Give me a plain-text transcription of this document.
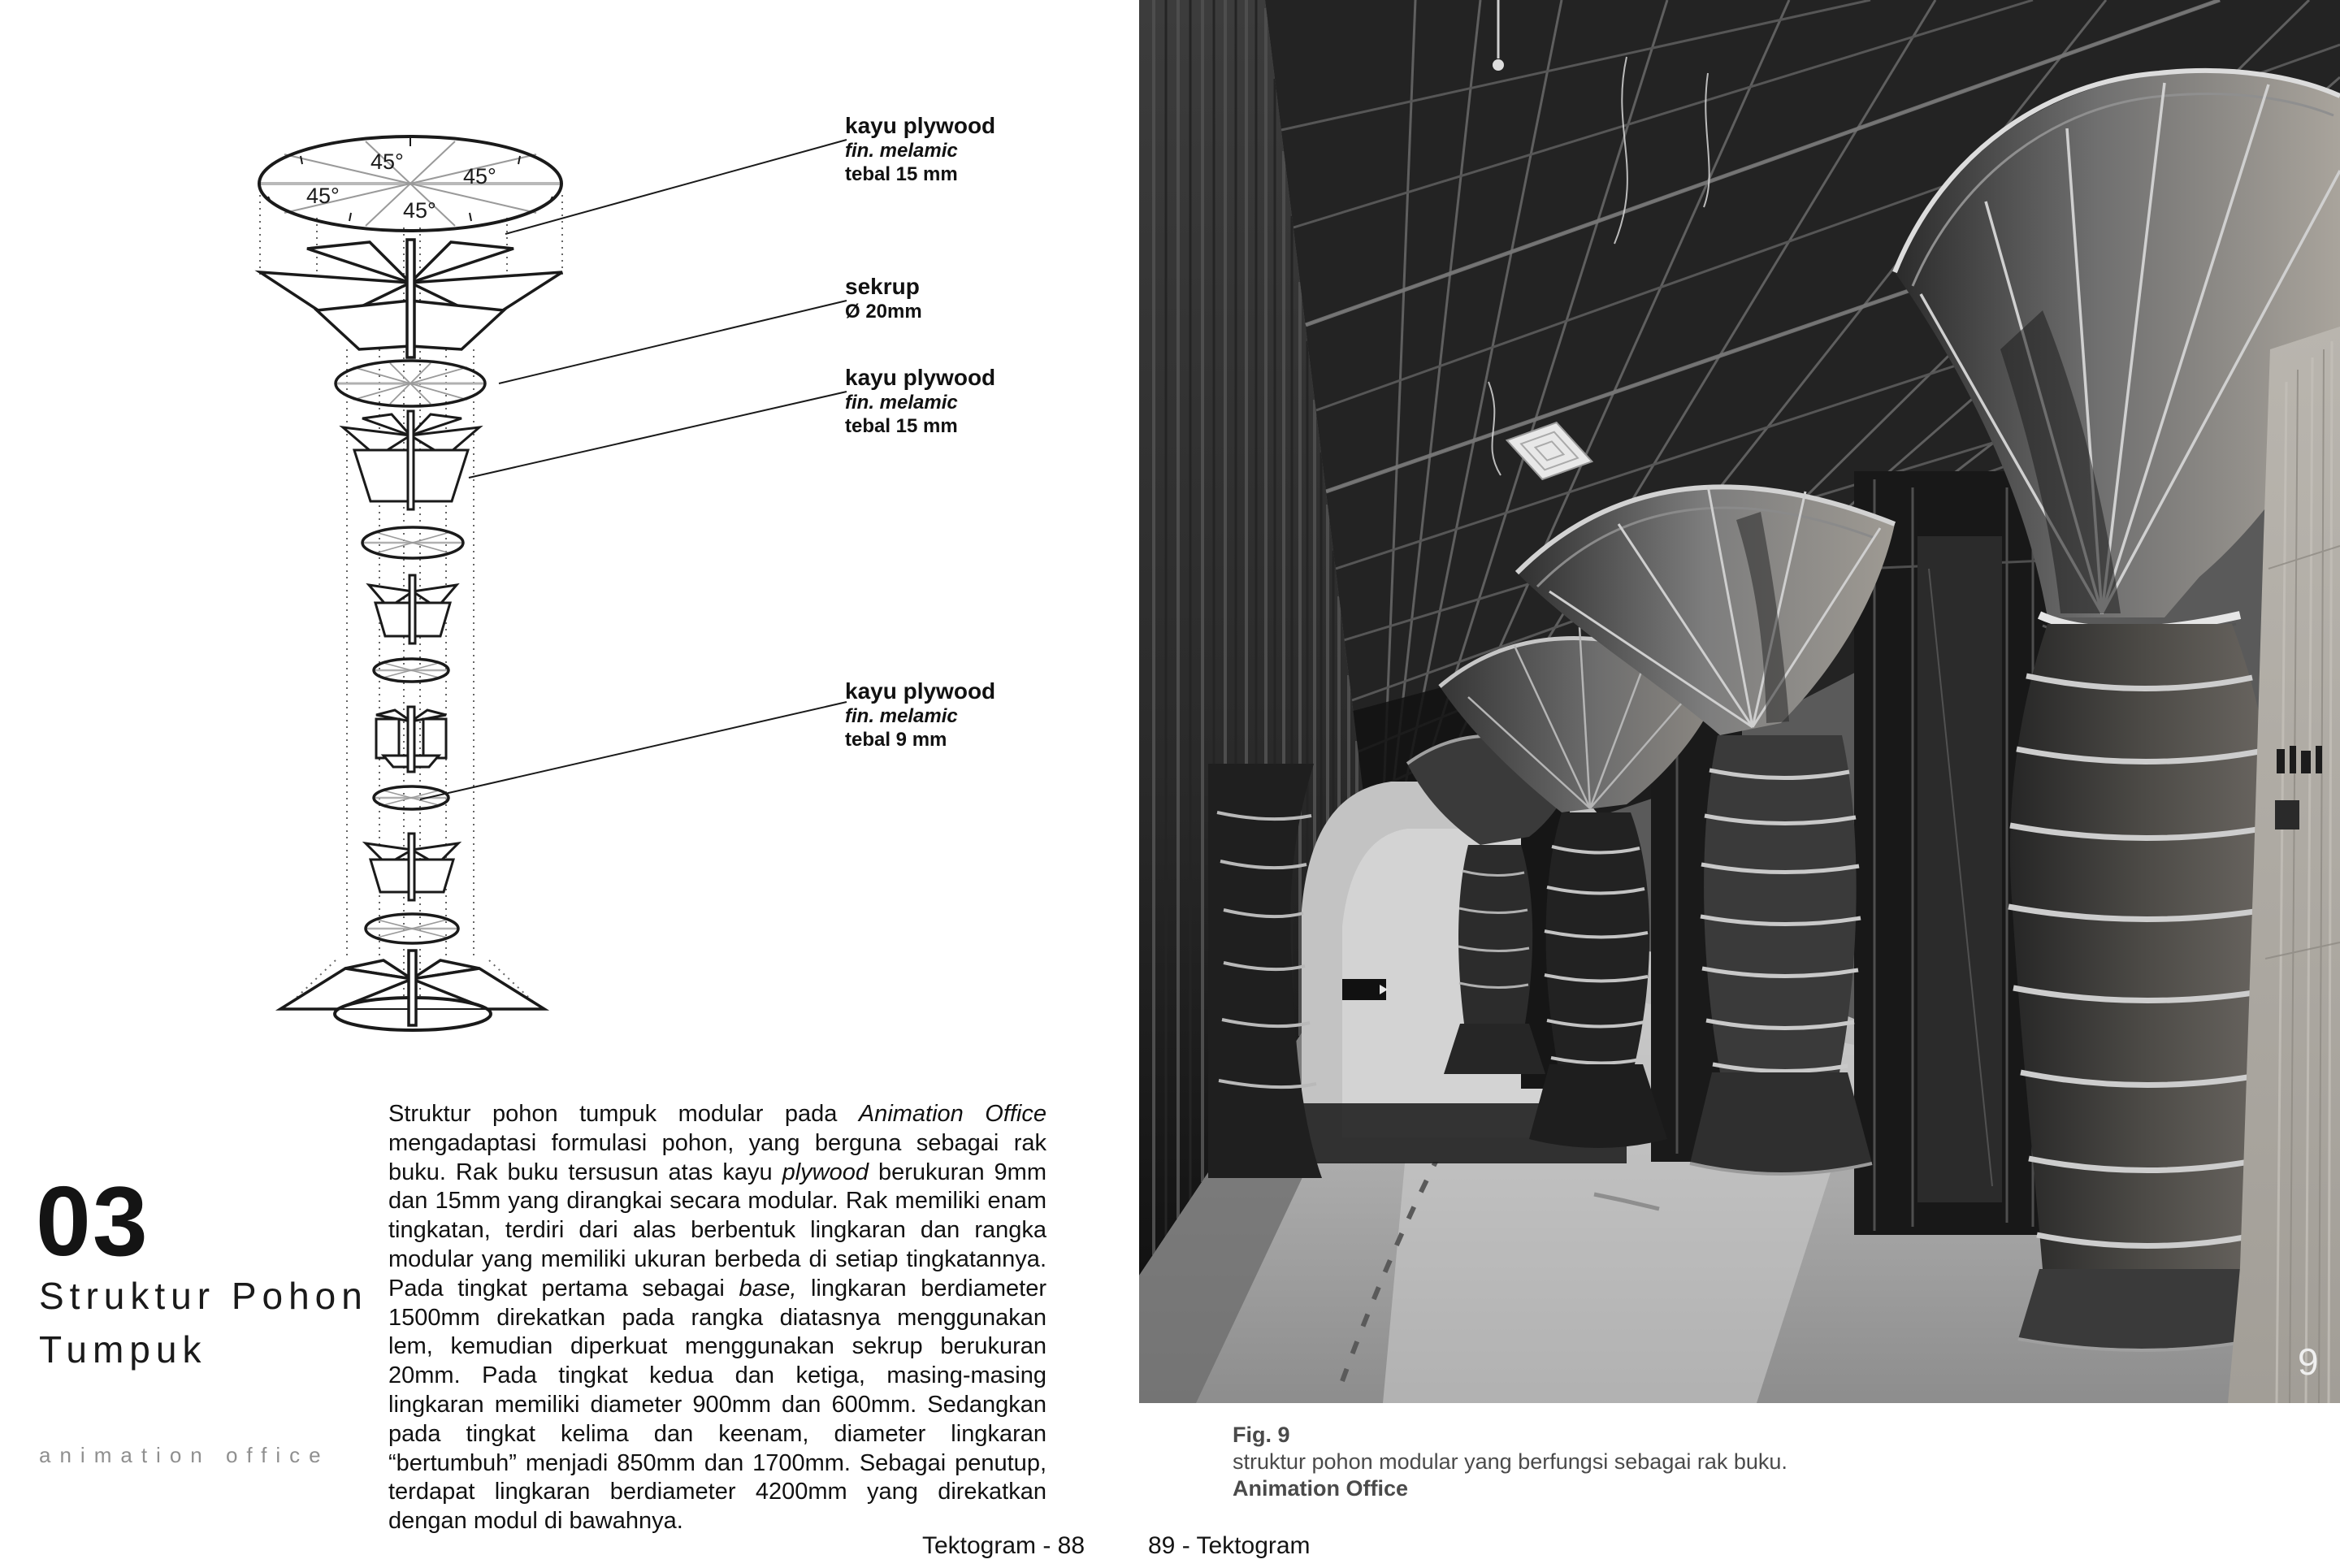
45°
45°
45°
45°
kayu plywood
fin. melamic
tebal 15 mm
sekrup
Ø 20mm
kayu plywood
fin. melamic
tebal 15 mm
kayu plywood
fin. melamic
tebal 9 mm
03
Struktur Pohon
Tumpuk
animation office
Struktur pohon tumpuk modular pada Animation Office mengadaptasi formulasi pohon, yang berguna sebagai rak buku. Rak buku tersusun atas kayu plywood berukuran 9mm dan 15mm yang dirangkai secara modular. Rak memiliki enam tingkatan, terdiri dari alas berbentuk lingkaran dan rangka modular yang memiliki ukuran berbeda di setiap tingkatannya. Pada tingkat pertama sebagai base, lingkaran berdiameter 1500mm direkatkan pada rangka diatasnya menggunakan lem, kemudian diperkuat menggunakan sekrup berukuran 20mm. Pada tingkat kedua dan ketiga, masing-masing lingkaran memiliki diameter 900mm dan 600mm. Sedangkan pada tingkat kelima dan keenam, diameter lingkaran “bertumbuh” menjadi 850mm dan 1700mm. Sebagai penutup, terdapat lingkaran berdiameter 4200mm yang direkatkan dengan modul di bawahnya.
9
Fig. 9
struktur pohon modular yang berfungsi sebagai rak buku.
Animation Office
Tektogram - 88	89 - Tektogram
